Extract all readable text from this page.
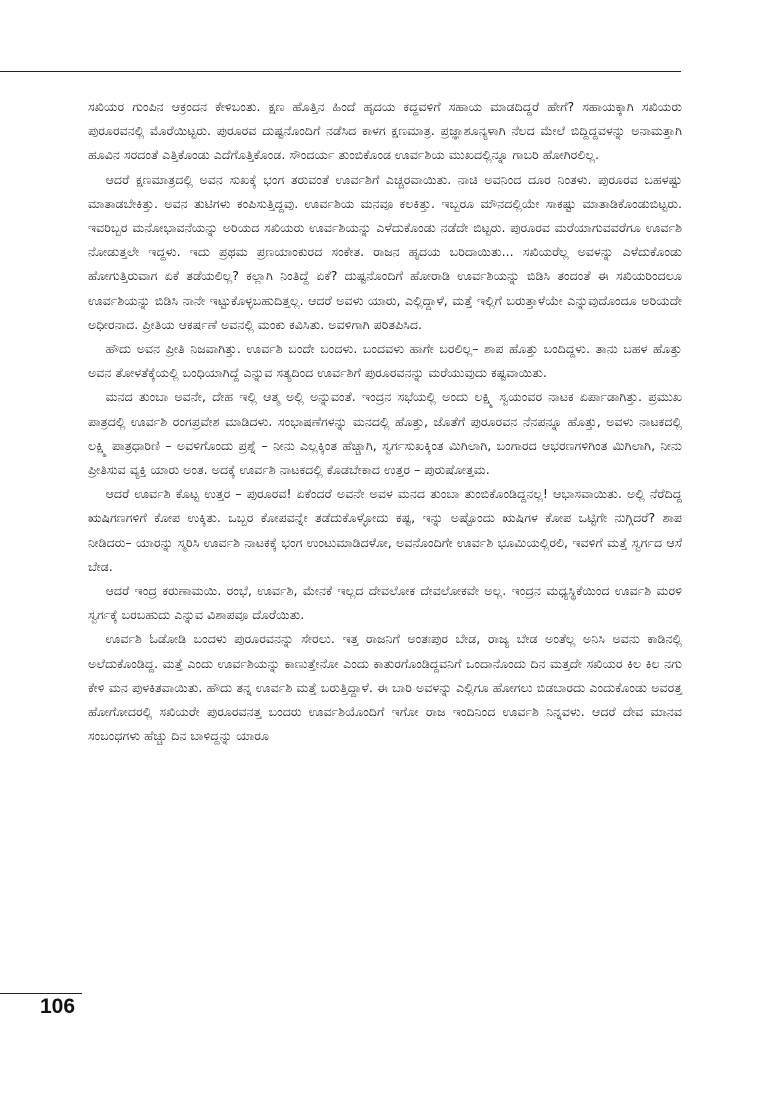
ಸಖಿಯರ ಗುಂಪಿನ ಆಕ್ರಂದನ ಕೇಳಿಬಂತು. ಕ್ಷಣ ಹೊತ್ತಿನ ಹಿಂದೆ ಹೃದಯ ಕದ್ದವಳಿಗೆ ಸಹಾಯ ಮಾಡದಿದ್ದರೆ ಹೇಗೆ? ಸಹಾಯಕ್ಕಾಗಿ ಸಖಿಯರು ಪುರೂರವನಲ್ಲಿ ಮೊರೆಯಿಟ್ಟರು. ಪುರೂರವ ದುಷ್ಟನೊಂದಿಗೆ ನಡೆಸಿದ ಕಾಳಗ ಕ್ಷಣಮಾತ್ರ. ಪ್ರಜ್ಞಾಶೂನ್ಯಳಾಗಿ ನೆಲದ ಮೇಲೆ ಬಿದ್ದಿದ್ದವಳನ್ನು ಅನಾಮತ್ತಾಗಿ ಹೂವಿನ ಸರದಂತೆ ಎತ್ತಿಕೊಂಡು ಎದೆಗೊತ್ತಿಕೊಂಡ. ಸೌಂದರ್ಯ ತುಂಬಿಕೊಂಡ ಊರ್ವಶಿಯ ಮುಖದಲ್ಲಿನ್ನೂ ಗಾಬರಿ ಹೋಗಿರಲಿಲ್ಲ.

ಆದರೆ ಕ್ಷಣಮಾತ್ರದಲ್ಲಿ ಅವನ ಸುಖಕ್ಕೆ ಭಂಗ ತರುವಂತೆ ಊರ್ವಶಿಗೆ ಎಚ್ಚರವಾಯಿತು. ನಾಚಿ ಅವನಿಂದ ದೂರ ನಿಂತಳು. ಪುರೂರವ ಬಹಳಷ್ಟು ಮಾತಾಡಬೇಕಿತ್ತು. ಅವನ ತುಟಿಗಳು ಕಂಪಿಸುತ್ತಿದ್ದವು. ಊರ್ವಶಿಯ ಮನವೂ ಕಲಕಿತ್ತು. ಇಬ್ಬರೂ ಮೌನದಲ್ಲಿಯೇ ಸಾಕಷ್ಟು ಮಾತಾಡಿಕೊಂಡುಬಿಟ್ಟರು. ಇವರಿಬ್ಬರ ಮನೋಭಾವನೆಯನ್ನು ಅರಿಯದ ಸಖಿಯರು ಊರ್ವಶಿಯನ್ನು ಎಳೆದುಕೊಂಡು ನಡೆದೇ ಬಿಟ್ಟರು. ಪುರೂರವ ಮರೆಯಾಗುವವರೆಗೂ ಊರ್ವಶಿ ನೋಡುತ್ತಲೇ ಇದ್ದಳು. ಇದು ಪ್ರಥಮ ಪ್ರಣಯಾಂಕುರದ ಸಂಕೇತ. ರಾಜನ ಹೃದಯ ಬರಿದಾಯಿತು... ಸಖಿಯರೆಲ್ಲ ಅವಳನ್ನು ಎಳೆದುಕೊಂಡು ಹೋಗುತ್ತಿರುವಾಗ ಏಕೆ ತಡೆಯಲಿಲ್ಲ? ಕಲ್ಲಾಗಿ ನಿಂತಿದ್ದೆ ಏಕೆ? ದುಷ್ಟನೊಂದಿಗೆ ಹೋರಾಡಿ ಊರ್ವಶಿಯನ್ನು ಬಿಡಿಸಿ ತಂದಂತೆ ಈ ಸಖಿಯರಿಂದಲೂ ಊರ್ವಶಿಯನ್ನು ಬಿಡಿಸಿ ನಾನೇ ಇಟ್ಟುಕೊಳ್ಳಬಹುದಿತ್ತಲ್ಲ. ಆದರೆ ಅವಳು ಯಾರು, ಎಲ್ಲಿದ್ದಾಳೆ, ಮತ್ತೆ ಇಲ್ಲಿಗೆ ಬರುತ್ತಾಳೆಯೇ ಎನ್ನುವುದೊಂದೂ ಅರಿಯದೇ ಅಧೀರನಾದ. ಪ್ರೀತಿಯ ಆಕರ್ಷಣೆ ಅವನಲ್ಲಿ ಮಂಕು ಕವಿಸಿತು. ಅವಳಿಗಾಗಿ ಪರಿತಪಿಸಿದ.

ಹೌದು ಅವನ ಪ್ರೀತಿ ನಿಜವಾಗಿತ್ತು. ಊರ್ವಶಿ ಬಂದೇ ಬಂದಳು. ಬಂದವಳು ಹಾಗೇ ಬರಲಿಲ್ಲ– ಶಾಪ ಹೊತ್ತು ಬಂದಿದ್ದಳು. ತಾನು ಬಹಳ ಹೊತ್ತು ಅವನ ತೋಳತೆಕ್ಕೆಯಲ್ಲಿ ಬಂಧಿಯಾಗಿದ್ದೆ ಎನ್ನುವ ಸತ್ಯದಿಂದ ಊರ್ವಶಿಗೆ ಪುರೂರವನನ್ನು ಮರೆಯುವುದು ಕಷ್ಟವಾಯಿತು.

ಮನದ ತುಂಬಾ ಅವನೇ, ದೇಹ ಇಲ್ಲಿ ಆತ್ಮ ಅಲ್ಲಿ ಅನ್ನುವಂತೆ. ಇಂದ್ರನ ಸಭೆಯಲ್ಲಿ ಅಂದು ಲಕ್ಷ್ಮಿ ಸ್ವಯಂವರ ನಾಟಕ ಏರ್ಪಾಡಾಗಿತ್ತು. ಪ್ರಮುಖ ಪಾತ್ರದಲ್ಲಿ ಊರ್ವಶಿ ರಂಗಪ್ರವೇಶ ಮಾಡಿದಳು. ಸಂಭಾಷಣೆಗಳನ್ನು ಮನದಲ್ಲಿ ಹೊತ್ತು, ಜೊತೆಗೆ ಪುರೂರವನ ನೆನಪನ್ನೂ ಹೊತ್ತು, ಅವಳು ನಾಟಕದಲ್ಲಿ ಲಕ್ಷ್ಮಿ ಪಾತ್ರಧಾರಿಣಿ – ಅವಳಿಗೊಂದು ಪ್ರಶ್ನೆ – ನೀನು ಎಲ್ಲಕ್ಕಿಂತ ಹೆಚ್ಚಾಗಿ, ಸ್ವರ್ಗಸುಖಕ್ಕಿಂತ ಮಿಗಿಲಾಗಿ, ಬಂಗಾರದ ಆಭರಣಗಳಿಗಿಂತ ಮಿಗಿಲಾಗಿ, ನೀನು ಪ್ರೀತಿಸುವ ವ್ಯಕ್ತಿ ಯಾರು ಅಂತ. ಅದಕ್ಕೆ ಊರ್ವಶಿ ನಾಟಕದಲ್ಲಿ ಕೊಡಬೇಕಾದ ಉತ್ತರ – ಪುರುಷೋತ್ತಮ.

ಆದರೆ ಊರ್ವಶಿ ಕೊಟ್ಟ ಉತ್ತರ – ಪುರೂರವ! ಏಕೆಂದರೆ ಅವನೇ ಅವಳ ಮನದ ತುಂಬಾ ತುಂಬಿಕೊಂಡಿದ್ದನಲ್ಲ! ಆಭಾಸವಾಯಿತು. ಅಲ್ಲಿ ನೆರೆದಿದ್ದ ಋಷಿಗಣಗಳಿಗೆ ಕೋಪ ಉಕ್ಕಿತು. ಒಬ್ಬರ ಕೋಪವನ್ನೇ ತಡೆದುಕೊಳ್ಳೋದು ಕಷ್ಟ, ಇನ್ನು ಅಷ್ಟೊಂದು ಋಷಿಗಳ ಕೋಪ ಒಟ್ಟಿಗೇ ನುಗ್ಗಿದರೆ? ಶಾಪ ನೀಡಿದರು– ಯಾರನ್ನು ಸ್ಮರಿಸಿ ಊರ್ವಶಿ ನಾಟಕಕ್ಕೆ ಭಂಗ ಉಂಟುಮಾಡಿದಳೋ, ಅವನೊಂದಿಗೇ ಊರ್ವಶಿ ಭೂಮಿಯಲ್ಲಿರಲಿ, ಇವಳಿಗೆ ಮತ್ತೆ ಸ್ವರ್ಗದ ಆಸೆ ಬೇಡ.

ಆದರೆ ಇಂದ್ರ ಕರುಣಾಮಯಿ. ರಂಭೆ, ಊರ್ವಶಿ, ಮೇನಕೆ ಇಲ್ಲದ ದೇವಲೋಕ ದೇವಲೋಕವೇ ಅಲ್ಲ. ಇಂದ್ರನ ಮಧ್ಯಸ್ಥಿಕೆಯಿಂದ ಊರ್ವಶಿ ಮರಳಿ ಸ್ವರ್ಗಕ್ಕೆ ಬರಬಹುದು ಎನ್ನುವ ವಿಶಾಪವೂ ದೊರೆಯಿತು.

ಊರ್ವಶಿ ಓಡೋಡಿ ಬಂದಳು ಪುರೂರವನನ್ನು ಸೇರಲು. ಇತ್ತ ರಾಜನಿಗೆ ಅಂತಃಪುರ ಬೇಡ, ರಾಜ್ಯ ಬೇಡ ಅಂತೆಲ್ಲ ಅನಿಸಿ ಅವನು ಕಾಡಿನಲ್ಲಿ ಅಲೆದುಕೊಂಡಿದ್ದ. ಮತ್ತೆ ಎಂದು ಊರ್ವಶಿಯನ್ನು ಕಾಣುತ್ತೇನೋ ಎಂದು ಕಾತುರಗೊಂಡಿದ್ದವನಿಗೆ ಒಂದಾನೊಂದು ದಿನ ಮತ್ತದೇ ಸಖಿಯರ ಕಿಲ ಕಿಲ ನಗು ಕೇಳಿ ಮನ ಪುಳಕಿತವಾಯಿತು. ಹೌದು ತನ್ನ ಊರ್ವಶಿ ಮತ್ತೆ ಬರುತ್ತಿದ್ದಾಳೆ. ಈ ಬಾರಿ ಅವಳನ್ನು ಎಲ್ಲಿಗೂ ಹೋಗಲು ಬಿಡಬಾರದು ಎಂದುಕೊಂಡು ಅವರತ್ತ ಹೋಗೋದರಲ್ಲಿ ಸಖಿಯರೇ ಪುರೂರವನತ್ತ ಬಂದರು ಊರ್ವಶಿಯೊಂದಿಗೆ ಇಗೋ ರಾಜ ಇಂದಿನಿಂದ ಊರ್ವಶಿ ನಿನ್ನವಳು. ಆದರೆ ದೇವ ಮಾನವ ಸಂಬಂಧಗಳು ಹೆಚ್ಚು ದಿನ ಬಾಳಿದ್ದನ್ನು ಯಾರೂ

106
